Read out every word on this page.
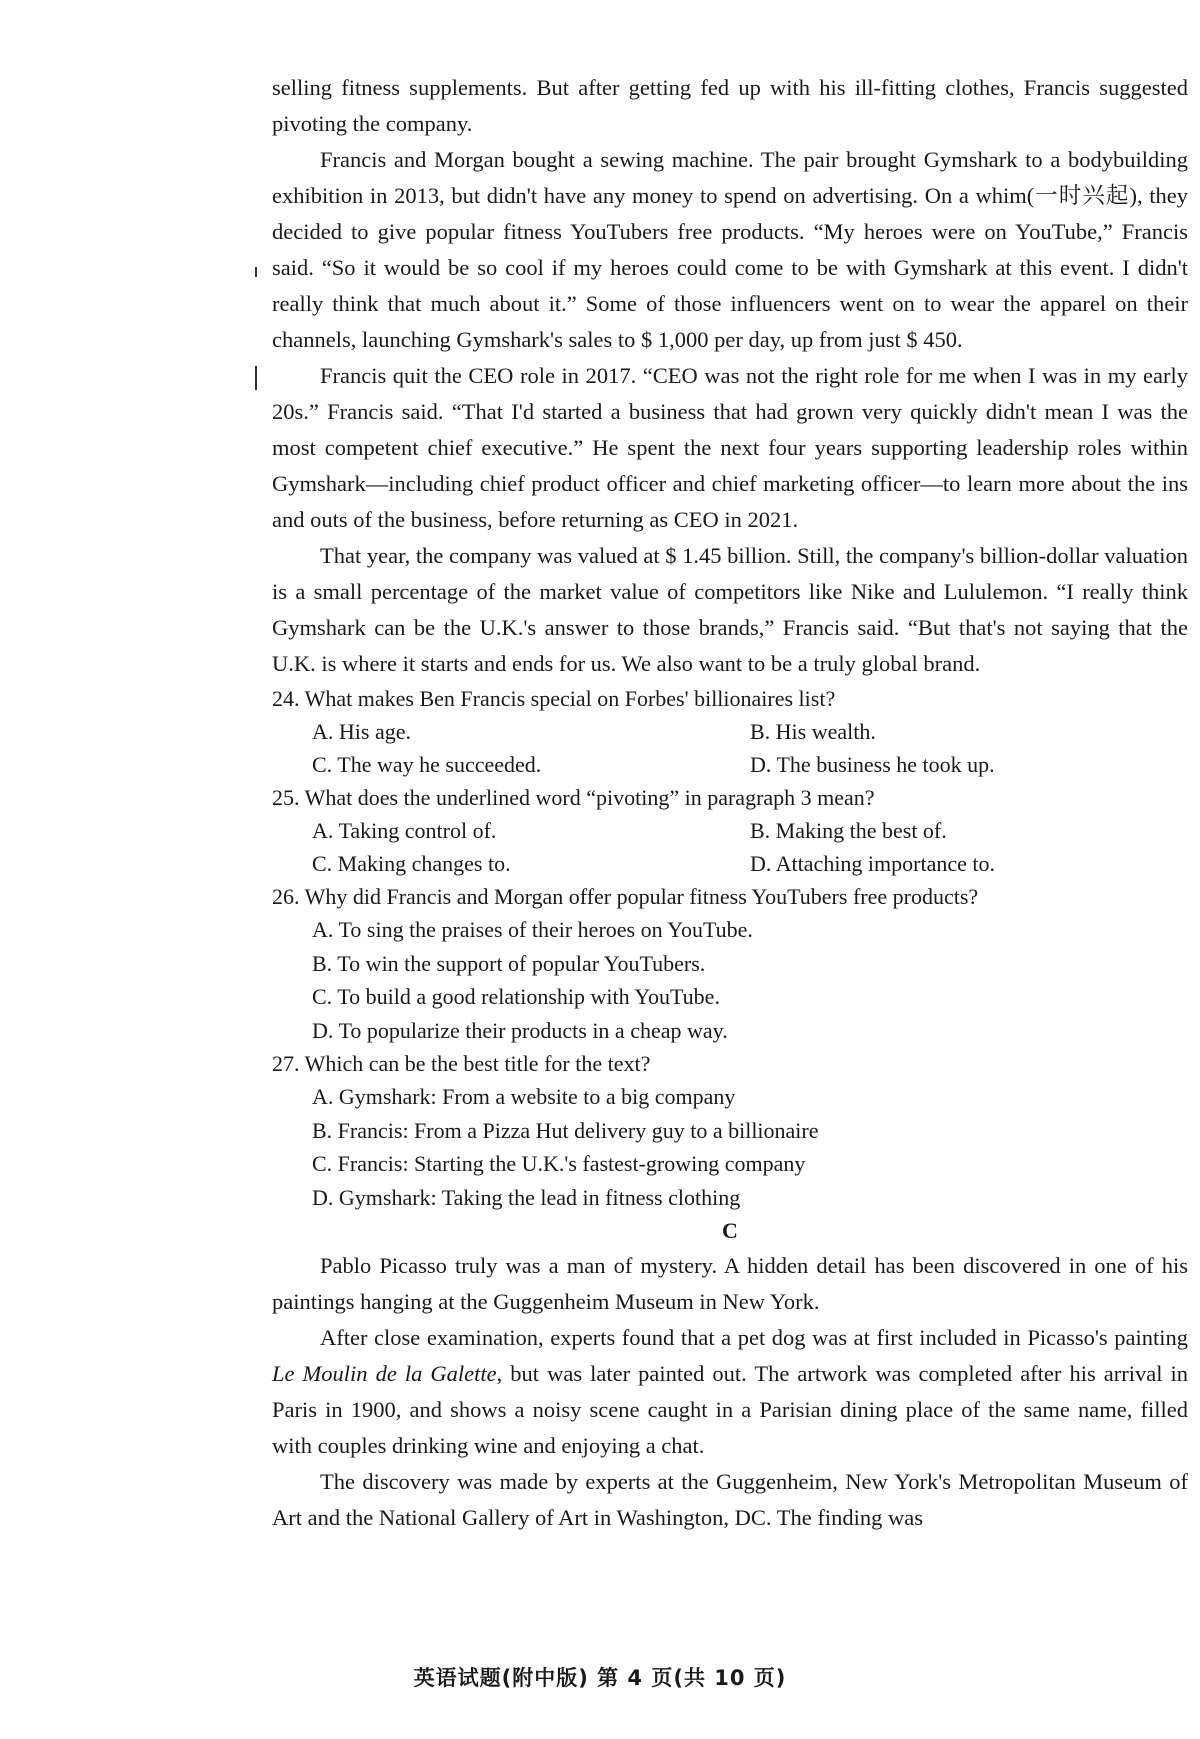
selling fitness supplements. But after getting fed up with his ill-fitting clothes, Francis suggested pivoting the company.

Francis and Morgan bought a sewing machine. The pair brought Gymshark to a bodybuilding exhibition in 2013, but didn't have any money to spend on advertising. On a whim(一时兴起), they decided to give popular fitness YouTubers free products. “My heroes were on YouTube,” Francis said. “So it would be so cool if my heroes could come to be with Gymshark at this event. I didn't really think that much about it.” Some of those influencers went on to wear the apparel on their channels, launching Gymshark's sales to $ 1,000 per day, up from just $ 450.

Francis quit the CEO role in 2017. “CEO was not the right role for me when I was in my early 20s.” Francis said. “That I'd started a business that had grown very quickly didn't mean I was the most competent chief executive.” He spent the next four years supporting leadership roles within Gymshark—including chief product officer and chief marketing officer—to learn more about the ins and outs of the business, before returning as CEO in 2021.

That year, the company was valued at $ 1.45 billion. Still, the company's billion-dollar valuation is a small percentage of the market value of competitors like Nike and Lululemon. “I really think Gymshark can be the U.K.'s answer to those brands,” Francis said. “But that's not saying that the U.K. is where it starts and ends for us. We also want to be a truly global brand.

24. What makes Ben Francis special on Forbes' billionaires list?

A. His age.	B. His wealth.
C. The way he succeeded.	D. The business he took up.

25. What does the underlined word “pivoting” in paragraph 3 mean?

A. Taking control of.	B. Making the best of.
C. Making changes to.	D. Attaching importance to.

26. Why did Francis and Morgan offer popular fitness YouTubers free products?

A. To sing the praises of their heroes on YouTube.
B. To win the support of popular YouTubers.
C. To build a good relationship with YouTube.
D. To popularize their products in a cheap way.

27. Which can be the best title for the text?

A. Gymshark: From a website to a big company
B. Francis: From a Pizza Hut delivery guy to a billionaire
C. Francis: Starting the U.K.'s fastest-growing company
D. Gymshark: Taking the lead in fitness clothing

C

Pablo Picasso truly was a man of mystery. A hidden detail has been discovered in one of his paintings hanging at the Guggenheim Museum in New York.

After close examination, experts found that a pet dog was at first included in Picasso's painting Le Moulin de la Galette, but was later painted out. The artwork was completed after his arrival in Paris in 1900, and shows a noisy scene caught in a Parisian dining place of the same name, filled with couples drinking wine and enjoying a chat.

The discovery was made by experts at the Guggenheim, New York's Metropolitan Museum of Art and the National Gallery of Art in Washington, DC. The finding was

英语试题(附中版) 第 4 页(共 10 页)
